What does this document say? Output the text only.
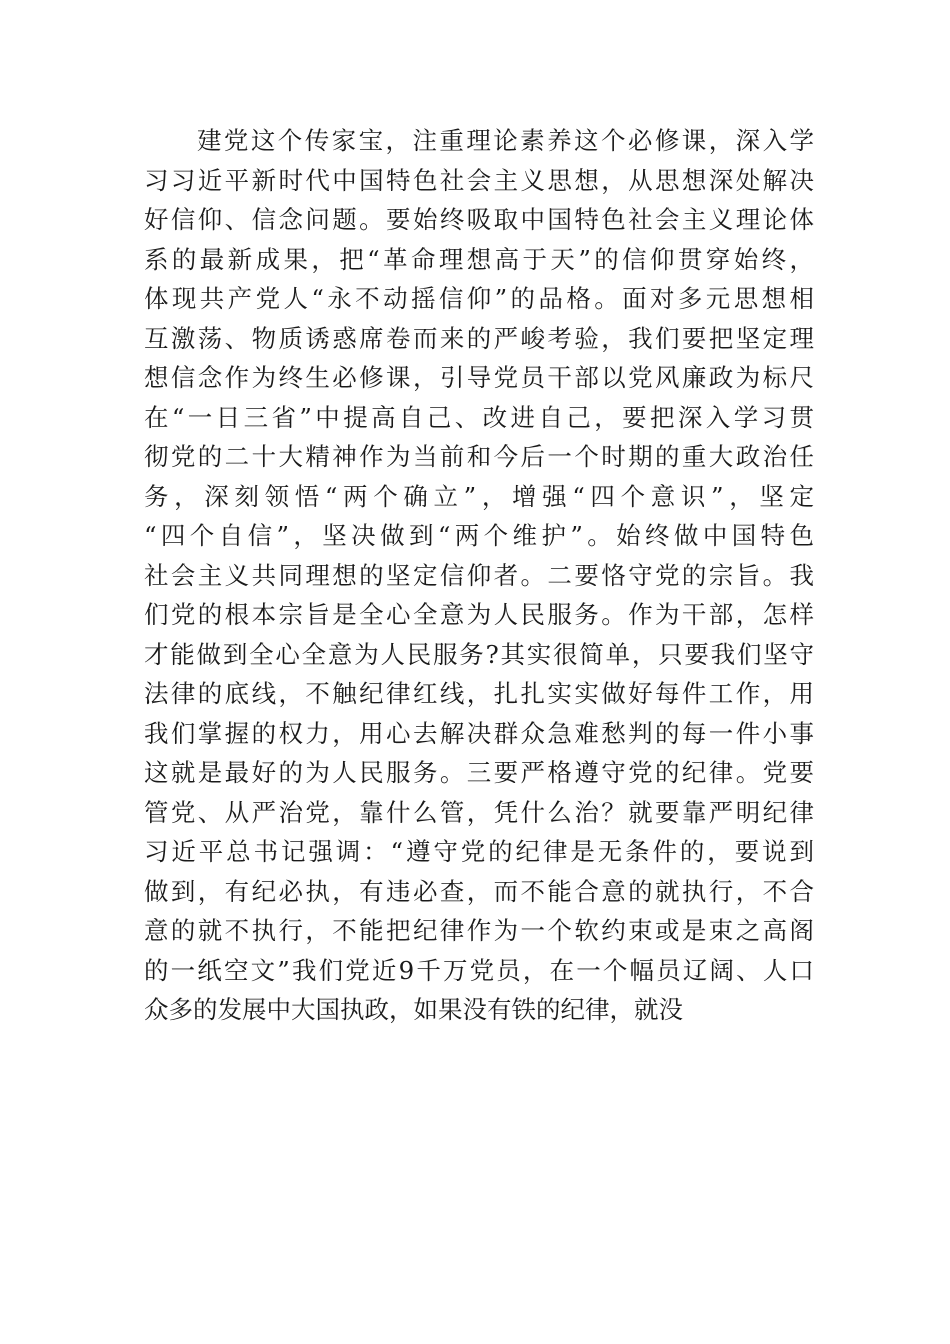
建党这个传家宝，注重理论素养这个必修课，深入学
习习近平新时代中国特色社会主义思想，从思想深处解决
好信仰、信念问题。要始终吸取中国特色社会主义理论体
系的最新成果，把“革命理想高于天”的信仰贯穿始终，
体现共产党人“永不动摇信仰”的品格。面对多元思想相
互激荡、物质诱惑席卷而来的严峻考验，我们要把坚定理
想信念作为终生必修课，引导党员干部以党风廉政为标尺
在“一日三省”中提高自己、改进自己，要把深入学习贯
彻党的二十大精神作为当前和今后一个时期的重大政治任
务，深刻领悟“两个确立”，增强“四个意识”，坚定
“四个自信”，坚决做到“两个维护”。始终做中国特色
社会主义共同理想的坚定信仰者。二要恪守党的宗旨。我
们党的根本宗旨是全心全意为人民服务。作为干部，怎样
才能做到全心全意为人民服务?其实很简单，只要我们坚守
法律的底线，不触纪律红线，扎扎实实做好每件工作，用
我们掌握的权力，用心去解决群众急难愁判的每一件小事
这就是最好的为人民服务。三要严格遵守党的纪律。党要
管党、从严治党，靠什么管，凭什么治？就要靠严明纪律
习近平总书记强调：“遵守党的纪律是无条件的，要说到
做到，有纪必执，有违必查，而不能合意的就执行，不合
意的就不执行，不能把纪律作为一个软约束或是束之高阁
的一纸空文”我们党近9千万党员，在一个幅员辽阔、人口
众多的发展中大国执政，如果没有铁的纪律，就没
